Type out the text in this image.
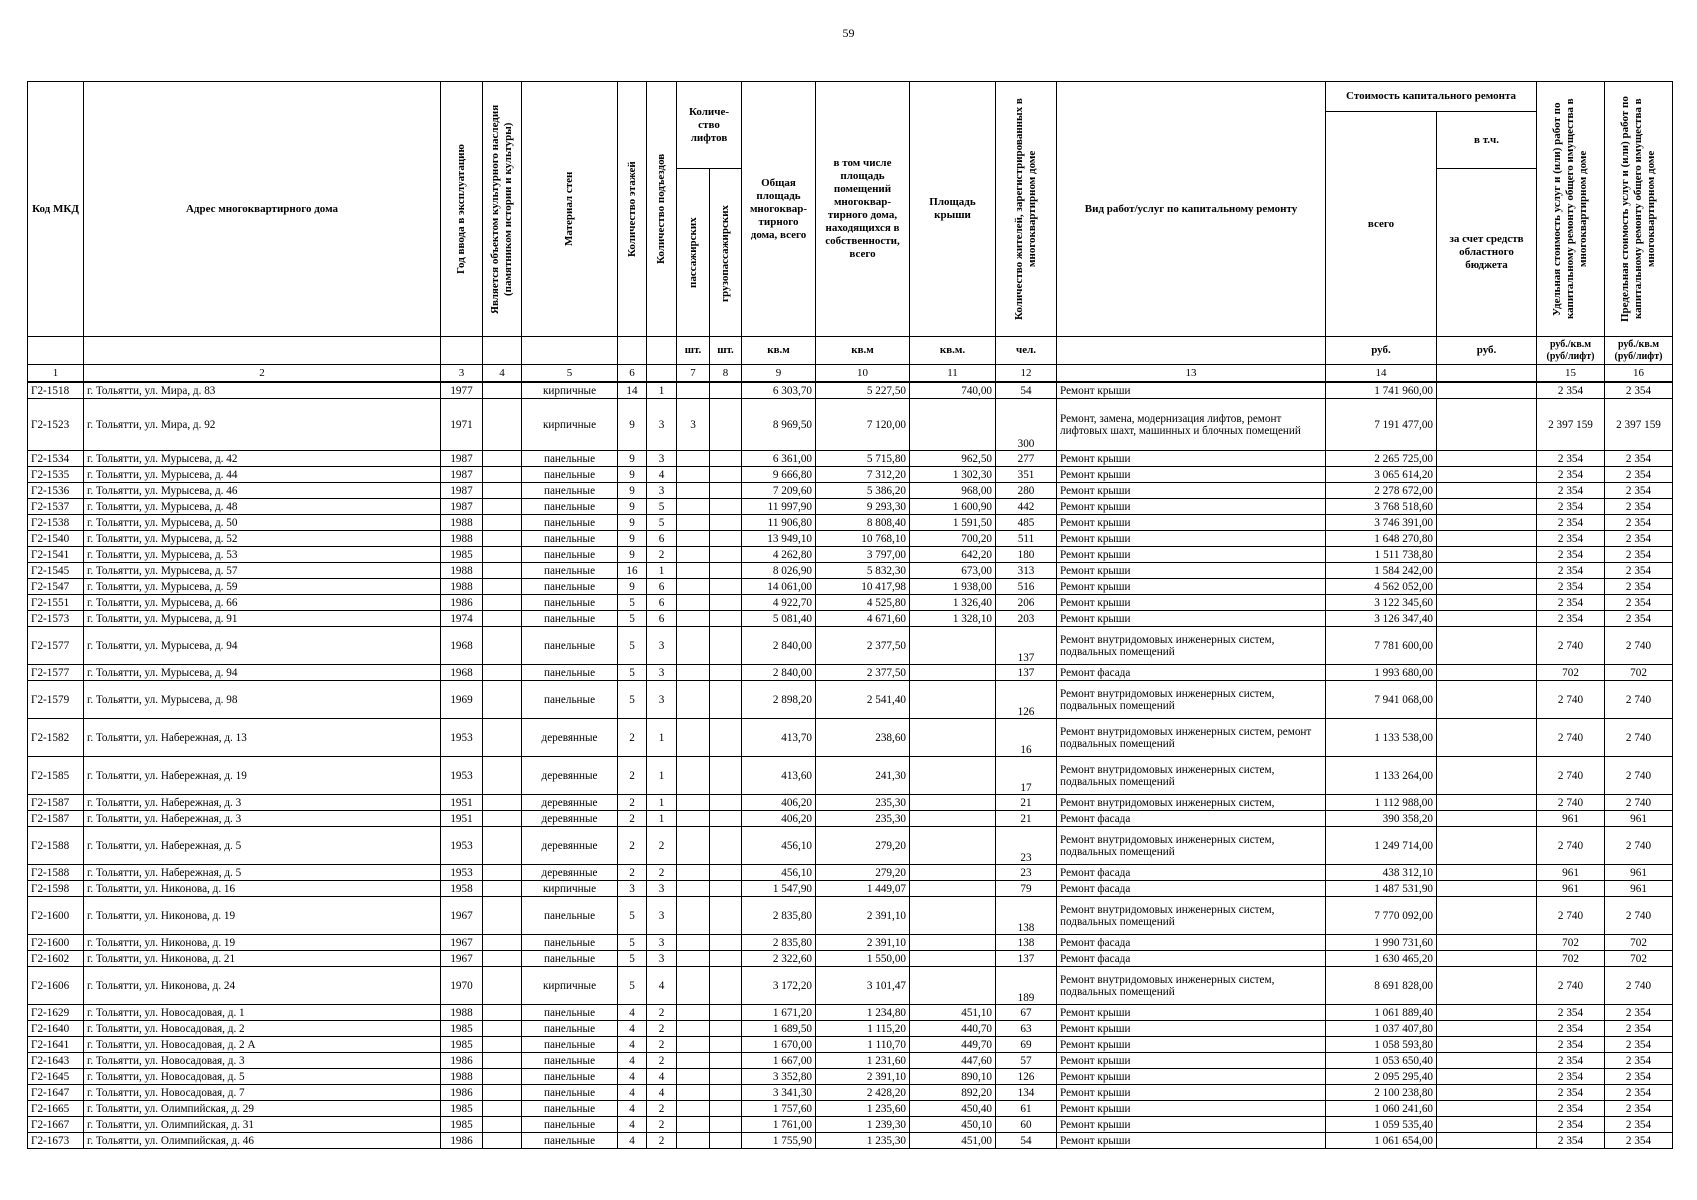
59
Код МКД	Адрес многоквартирного дома	Год ввода в эксплуатацию	Является объектом культурного наследия (памятником истории и культуры)	Материал стен	Количество этажей	Количество подъездов	Количе-ство лифтов		Общая площадь многоквар-тирного дома, всего	в том числе площадь помещений многоквар-тирного дома, находящихся в собственности, всего	Площадь крыши	Количество жителей, зарегистрированных в многоквартирном доме	Вид работ/услуг по капитальному ремонту	Стоимость капитального ремонта		Удельная стоимость услуг и (или) работ по капитальному ремонту общего имущества в многоквартирном доме	Предельная стоимость услуг и (или) работ по капитальному ремонту общего имущества в многоквартирном доме

														всего	в т.ч.		

							пассажирских	грузопассажирских							за счет средств областного бюджета		
							шт.	шт.	кв.м	кв.м	кв.м.	чел.		руб.	руб.	руб./кв.м (руб/лифт)	руб./кв.м (руб/лифт)
1	2	3	4	5	6		7	8	9	10	11	12	13	14		15	16
Г2-1518	г. Тольятти, ул. Мира, д. 83	1977		кирпичные	14	1			6 303,70	5 227,50	740,00	54	Ремонт крыши	1 741 960,00		2 354	2 354
Г2-1523	г. Тольятти, ул. Мира, д. 92	1971		кирпичные	9	3	3		8 969,50	7 120,00		300	Ремонт, замена, модернизация лифтов, ремонт лифтовых шахт, машинных и блочных помещений	7 191 477,00		2 397 159	2 397 159
Г2-1534	г. Тольятти, ул. Мурысева, д. 42	1987		панельные	9	3			6 361,00	5 715,80	962,50	277	Ремонт крыши	2 265 725,00		2 354	2 354
Г2-1535	г. Тольятти, ул. Мурысева, д. 44	1987		панельные	9	4			9 666,80	7 312,20	1 302,30	351	Ремонт крыши	3 065 614,20		2 354	2 354
Г2-1536	г. Тольятти, ул. Мурысева, д. 46	1987		панельные	9	3			7 209,60	5 386,20	968,00	280	Ремонт крыши	2 278 672,00		2 354	2 354
Г2-1537	г. Тольятти, ул. Мурысева, д. 48	1987		панельные	9	5			11 997,90	9 293,30	1 600,90	442	Ремонт крыши	3 768 518,60		2 354	2 354
Г2-1538	г. Тольятти, ул. Мурысева, д. 50	1988		панельные	9	5			11 906,80	8 808,40	1 591,50	485	Ремонт крыши	3 746 391,00		2 354	2 354
Г2-1540	г. Тольятти, ул. Мурысева, д. 52	1988		панельные	9	6			13 949,10	10 768,10	700,20	511	Ремонт крыши	1 648 270,80		2 354	2 354
Г2-1541	г. Тольятти, ул. Мурысева, д. 53	1985		панельные	9	2			4 262,80	3 797,00	642,20	180	Ремонт крыши	1 511 738,80		2 354	2 354
Г2-1545	г. Тольятти, ул. Мурысева, д. 57	1988		панельные	16	1			8 026,90	5 832,30	673,00	313	Ремонт крыши	1 584 242,00		2 354	2 354
Г2-1547	г. Тольятти, ул. Мурысева, д. 59	1988		панельные	9	6			14 061,00	10 417,98	1 938,00	516	Ремонт крыши	4 562 052,00		2 354	2 354
Г2-1551	г. Тольятти, ул. Мурысева, д. 66	1986		панельные	5	6			4 922,70	4 525,80	1 326,40	206	Ремонт крыши	3 122 345,60		2 354	2 354
Г2-1573	г. Тольятти, ул. Мурысева, д. 91	1974		панельные	5	6			5 081,40	4 671,60	1 328,10	203	Ремонт крыши	3 126 347,40		2 354	2 354
Г2-1577	г. Тольятти, ул. Мурысева, д. 94	1968		панельные	5	3			2 840,00	2 377,50		137	Ремонт внутридомовых инженерных систем, подвальных помещений	7 781 600,00		2 740	2 740
Г2-1577	г. Тольятти, ул. Мурысева, д. 94	1968		панельные	5	3			2 840,00	2 377,50		137	Ремонт фасада	1 993 680,00		702	702
Г2-1579	г. Тольятти, ул. Мурысева, д. 98	1969		панельные	5	3			2 898,20	2 541,40		126	Ремонт внутридомовых инженерных систем, подвальных помещений	7 941 068,00		2 740	2 740
Г2-1582	г. Тольятти, ул. Набережная, д. 13	1953		деревянные	2	1			413,70	238,60		16	Ремонт внутридомовых инженерных систем, ремонт подвальных помещений	1 133 538,00		2 740	2 740
Г2-1585	г. Тольятти, ул. Набережная, д. 19	1953		деревянные	2	1			413,60	241,30		17	Ремонт внутридомовых инженерных систем, подвальных помещений	1 133 264,00		2 740	2 740
Г2-1587	г. Тольятти, ул. Набережная, д. 3	1951		деревянные	2	1			406,20	235,30		21	Ремонт внутридомовых инженерных систем,	1 112 988,00		2 740	2 740
Г2-1587	г. Тольятти, ул. Набережная, д. 3	1951		деревянные	2	1			406,20	235,30		21	Ремонт фасада	390 358,20		961	961
Г2-1588	г. Тольятти, ул. Набережная, д. 5	1953		деревянные	2	2			456,10	279,20		23	Ремонт внутридомовых инженерных систем, подвальных помещений	1 249 714,00		2 740	2 740
Г2-1588	г. Тольятти, ул. Набережная, д. 5	1953		деревянные	2	2			456,10	279,20		23	Ремонт фасада	438 312,10		961	961
Г2-1598	г. Тольятти, ул. Никонова, д. 16	1958		кирпичные	3	3			1 547,90	1 449,07		79	Ремонт фасада	1 487 531,90		961	961
Г2-1600	г. Тольятти, ул. Никонова, д. 19	1967		панельные	5	3			2 835,80	2 391,10		138	Ремонт внутридомовых инженерных систем, подвальных помещений	7 770 092,00		2 740	2 740
Г2-1600	г. Тольятти, ул. Никонова, д. 19	1967		панельные	5	3			2 835,80	2 391,10		138	Ремонт фасада	1 990 731,60		702	702
Г2-1602	г. Тольятти, ул. Никонова, д. 21	1967		панельные	5	3			2 322,60	1 550,00		137	Ремонт фасада	1 630 465,20		702	702
Г2-1606	г. Тольятти, ул. Никонова, д. 24	1970		кирпичные	5	4			3 172,20	3 101,47		189	Ремонт внутридомовых инженерных систем, подвальных помещений	8 691 828,00		2 740	2 740
Г2-1629	г. Тольятти, ул. Новосадовая, д. 1	1988		панельные	4	2			1 671,20	1 234,80	451,10	67	Ремонт крыши	1 061 889,40		2 354	2 354
Г2-1640	г. Тольятти, ул. Новосадовая, д. 2	1985		панельные	4	2			1 689,50	1 115,20	440,70	63	Ремонт крыши	1 037 407,80		2 354	2 354
Г2-1641	г. Тольятти, ул. Новосадовая, д. 2 А	1985		панельные	4	2			1 670,00	1 110,70	449,70	69	Ремонт крыши	1 058 593,80		2 354	2 354
Г2-1643	г. Тольятти, ул. Новосадовая, д. 3	1986		панельные	4	2			1 667,00	1 231,60	447,60	57	Ремонт крыши	1 053 650,40		2 354	2 354
Г2-1645	г. Тольятти, ул. Новосадовая, д. 5	1988		панельные	4	4			3 352,80	2 391,10	890,10	126	Ремонт крыши	2 095 295,40		2 354	2 354
Г2-1647	г. Тольятти, ул. Новосадовая, д. 7	1986		панельные	4	4			3 341,30	2 428,20	892,20	134	Ремонт крыши	2 100 238,80		2 354	2 354
Г2-1665	г. Тольятти, ул. Олимпийская, д. 29	1985		панельные	4	2			1 757,60	1 235,60	450,40	61	Ремонт крыши	1 060 241,60		2 354	2 354
Г2-1667	г. Тольятти, ул. Олимпийская, д. 31	1985		панельные	4	2			1 761,00	1 239,30	450,10	60	Ремонт крыши	1 059 535,40		2 354	2 354
Г2-1673	г. Тольятти, ул. Олимпийская, д. 46	1986		панельные	4	2			1 755,90	1 235,30	451,00	54	Ремонт крыши	1 061 654,00		2 354	2 354
